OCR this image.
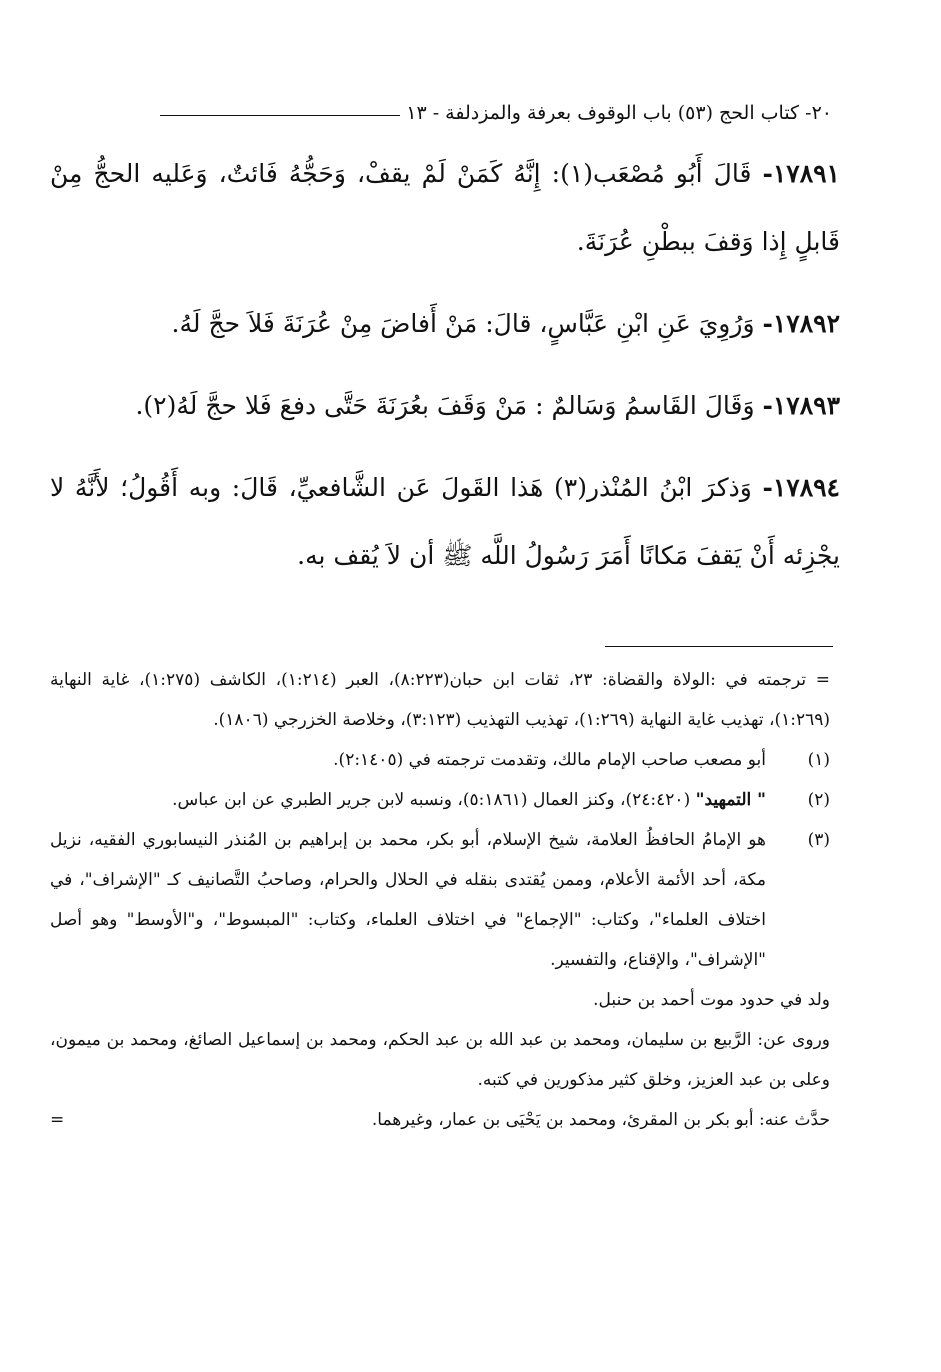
٢٠- كتاب الحج (٥٣) باب الوقوف بعرفة والمزدلفة - ١٣

١٧٨٩١- قَالَ أَبُو مُصْعَب(١): إِنَّهُ كَمَنْ لَمْ يقفْ، وَحَجُّهُ فَائتٌ، وَعَليه الحجُّ مِنْ قَابلٍ إِذا وَقفَ ببطْنِ عُرَنَةَ.

١٧٨٩٢- وَرُوِيَ عَنِ ابْنِ عَبَّاسٍ، قالَ: مَنْ أَفاضَ مِنْ عُرَنَةَ فَلاَ حجَّ لَهُ.

١٧٨٩٣- وَقَالَ القَاسمُ وَسَالمٌ : مَنْ وَقَفَ بعُرَنَةَ حَتَّى دفعَ فَلا حجَّ لَهُ(٢).

١٧٨٩٤- وَذكرَ ابْنُ المُنْذر(٣) هَذا القَولَ عَن الشَّافعيِّ، قَالَ: وبه أَقُولُ؛ لأَنَّهُ لا يجْزِئه أَنْ يَقفَ مَكانًا أَمَرَ رَسُولُ اللَّه ﷺ أن لاَ يُقف به.

= ترجمته في :الولاة والقضاة: ٢٣، ثقات ابن حبان(٨:٢٢٣)، العبر (١:٢١٤)، الكاشف (١:٢٧٥)، غاية النهاية (١:٢٦٩)، تهذيب غاية النهاية (١:٢٦٩)، تهذيب التهذيب (٣:١٢٣)، وخلاصة الخزرجي (١٨٠٦).

(١)أبو مصعب صاحب الإمام مالك، وتقدمت ترجمته في (٢:١٤٠٥).

(٢)" التمهيد" (٢٤:٤٢٠)، وكنز العمال (٥:١٨٦١)، ونسبه لابن جرير الطبري عن ابن عباس.

(٣)هو الإمامُ الحافظُ العلامة، شيخ الإسلام، أبو بكر، محمد بن إبراهيم بن المُنذر النيسابوري الفقيه، نزيل مكة، أحد الأئمة الأعلام، وممن يُقتدى بنقله في الحلال والحرام، وصاحبُ التَّصانيف كـ "الإشراف"، في اختلاف العلماء"، وكتاب: "الإجماع" في اختلاف العلماء، وكتاب: "المبسوط"، و"الأوسط" وهو أصل "الإشراف"، والإقناع، والتفسير.

ولد في حدود موت أحمد بن حنبل.

وروى عن: الرَّبيع بن سليمان، ومحمد بن عبد الله بن عبد الحكم، ومحمد بن إسماعيل الصائغ، ومحمد بن ميمون، وعلى بن عبد العزيز، وخلق كثير مذكورين في كتبه.

حدَّث عنه: أبو بكر بن المقرئ، ومحمد بن يَحْيَى بن عمار، وغيرهما.
=
